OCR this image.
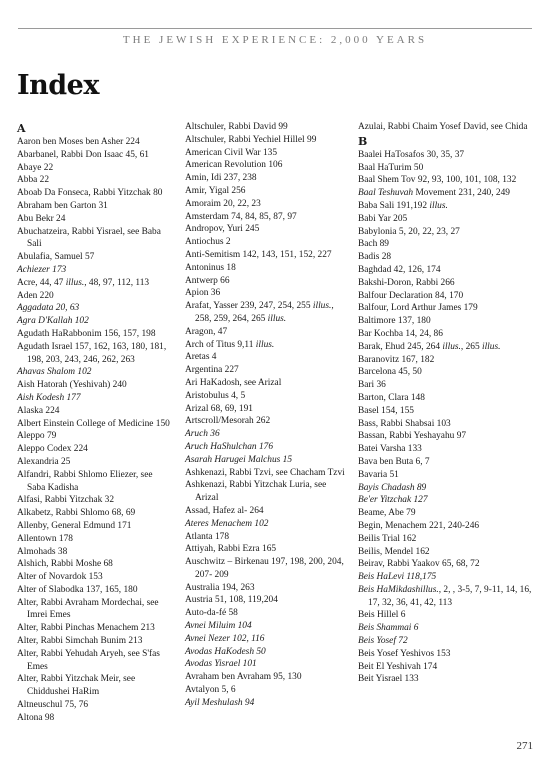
THE JEWISH EXPERIENCE: 2,000 YEARS
Index
A
Aaron ben Moses ben Asher 224
Abarbanel, Rabbi Don Isaac 45, 61
Abaye 22
Abba 22
Aboab Da Fonseca, Rabbi Yitzchak 80
Abraham ben Garton 31
Abu Bekr 24
Abuchatzeira, Rabbi Yisrael, see Baba Sali
Abulafia, Samuel 57
Achiezer 173
Acre, 44, 47 illus., 48, 97, 112, 113
Aden 220
Aggadata 20, 63
Agra D'Kallah 102
Agudath HaRabbonim 156, 157, 198
Agudath Israel 157, 162, 163, 180, 181, 198, 203, 243, 246, 262, 263
Ahavas Shalom 102
Aish Hatorah (Yeshivah) 240
Aish Kodesh 177
Alaska 224
Albert Einstein College of Medicine 150
Aleppo 79
Aleppo Codex 224
Alexandria 25
Alfandri, Rabbi Shlomo Eliezer, see Saba Kadisha
Alfasi, Rabbi Yitzchak 32
Alkabetz, Rabbi Shlomo 68, 69
Allenby, General Edmund 171
Allentown 178
Almohads 38
Alshich, Rabbi Moshe 68
Alter of Novardok 153
Alter of Slabodka 137, 165, 180
Alter, Rabbi Avraham Mordechai, see Imrei Emes
Alter, Rabbi Pinchas Menachem 213
Alter, Rabbi Simchah Bunim 213
Alter, Rabbi Yehudah Aryeh, see S'fas Emes
Alter, Rabbi Yitzchak Meir, see Chiddushei HaRim
Altneuschul 75, 76
Altona 98
Altschuler, Rabbi David 99
Altschuler, Rabbi Yechiel Hillel 99
American Civil War 135
American Revolution 106
Amin, Idi 237, 238
Amir, Yigal 256
Amoraim 20, 22, 23
Amsterdam 74, 84, 85, 87, 97
Andropov, Yuri 245
Antiochus 2
Anti-Semitism 142, 143, 151, 152, 227
Antoninus 18
Antwerp 66
Apion 36
Arafat, Yasser 239, 247, 254, 255 illus., 258, 259, 264, 265 illus.
Aragon, 47
Arch of Titus 9,11 illus.
Aretas 4
Argentina 227
Ari HaKadosh, see Arizal
Aristobulus 4, 5
Arizal 68, 69, 191
Artscroll/Mesorah 262
Aruch 36
Aruch HaShulchan 176
Asarah Harugei Malchus 15
Ashkenazi, Rabbi Tzvi, see Chacham Tzvi
Ashkenazi, Rabbi Yitzchak Luria, see Arizal
Assad, Hafez al- 264
Ateres Menachem 102
Atlanta 178
Attiyah, Rabbi Ezra 165
Auschwitz – Birkenau 197, 198, 200, 204, 207- 209
Australia 194, 263
Austria 51, 108, 119,204
Auto-da-fé 58
Avnei Miluim 104
Avnei Nezer 102, 116
Avodas HaKodesh 50
Avodas Yisrael 101
Avraham ben Avraham 95, 130
Avtalyon 5, 6
Ayil Meshulash 94
Azulai, Rabbi Chaim Yosef David, see Chida
B
Baalei HaTosafos 30, 35, 37
Baal HaTurim 50
Baal Shem Tov 92, 93, 100, 101, 108, 132
Baal Teshuvah Movement 231, 240, 249
Baba Sali 191,192 illus.
Babi Yar 205
Babylonia 5, 20, 22, 23, 27
Bach 89
Badis 28
Baghdad 42, 126, 174
Bakshi-Doron, Rabbi 266
Balfour Declaration 84, 170
Balfour, Lord Arthur James 179
Baltimore 137, 180
Bar Kochba 14, 24, 86
Barak, Ehud 245, 264 illus., 265 illus.
Baranovitz 167, 182
Barcelona 45, 50
Bari 36
Barton, Clara 148
Basel 154, 155
Bass, Rabbi Shabsai 103
Bassan, Rabbi Yeshayahu 97
Batei Varsha 133
Bava ben Buta 6, 7
Bavaria 51
Bayis Chadash 89
Be'er Yitzchak 127
Beame, Abe 79
Begin, Menachem 221, 240-246
Beilis Trial 162
Beilis, Mendel 162
Beirav, Rabbi Yaakov 65, 68, 72
Beis HaLevi 118,175
Beis HaMikdashillus., 2, , 3-5, 7, 9-11, 14, 16, 17, 32, 36, 41, 42, 113
Beis Hillel 6
Beis Shammai 6
Beis Yosef 72
Beis Yosef Yeshivos 153
Beit El Yeshivah 174
Beit Yisrael 133
271
